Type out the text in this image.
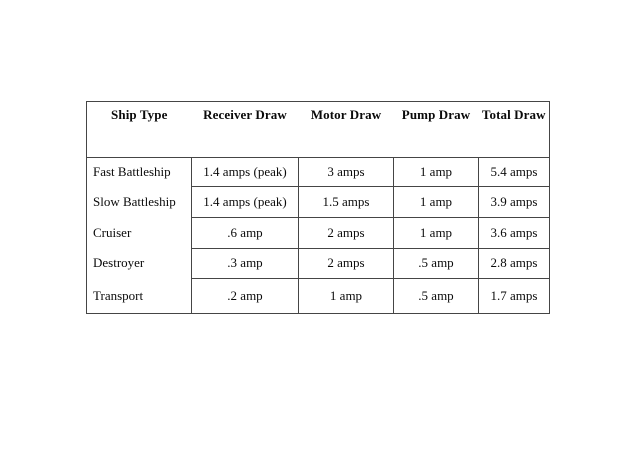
Ship Type	Receiver Draw	Motor Draw	Pump Draw	Total Draw
Fast Battleship	1.4 amps (peak)	3 amps	1 amp	5.4 amps
Slow Battleship	1.4 amps (peak)	1.5 amps	1 amp	3.9 amps
Cruiser	.6 amp	2 amps	1 amp	3.6 amps
Destroyer	.3 amp	2 amps	.5 amp	2.8 amps
Transport	.2 amp	1 amp	.5 amp	1.7 amps
